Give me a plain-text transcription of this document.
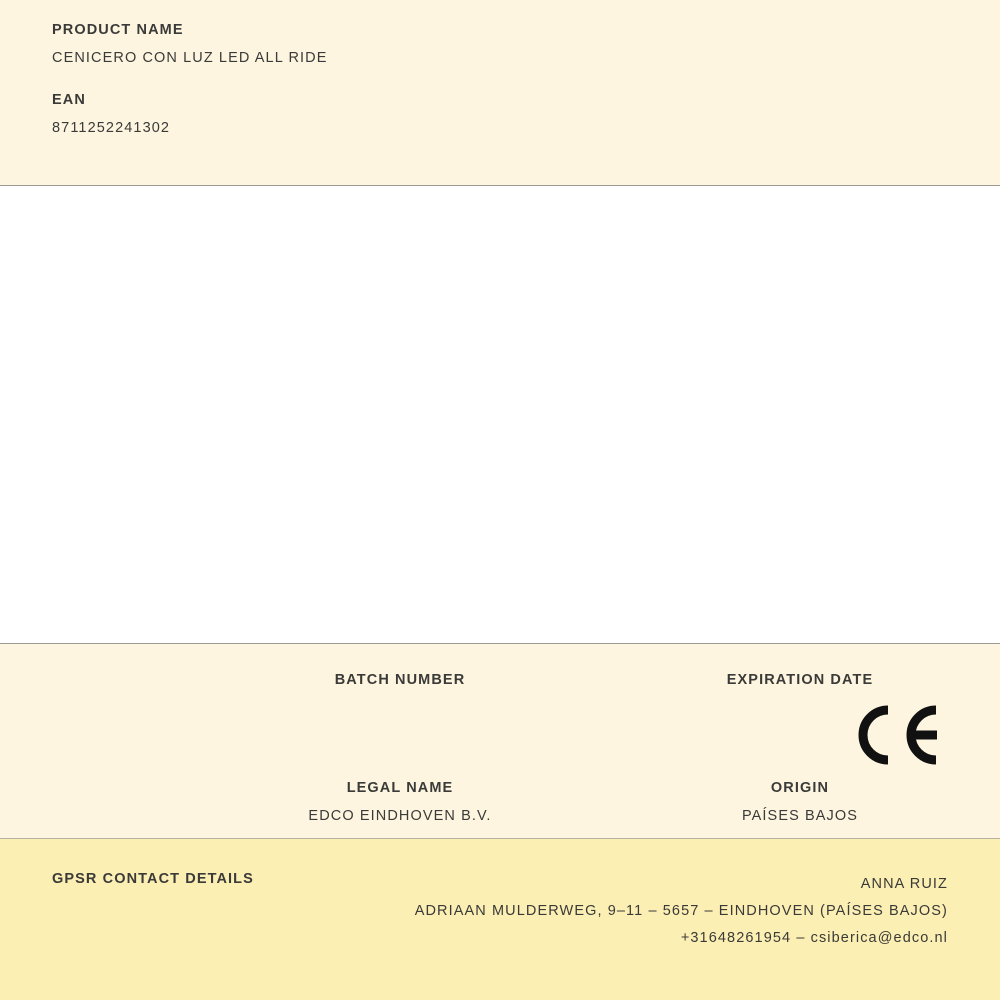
PRODUCT NAME
CENICERO CON LUZ LED ALL RIDE
EAN
8711252241302
BATCH NUMBER	EXPIRATION DATE
LEGAL NAME	ORIGIN
EDCO EINDHOVEN B.V.	PAÍSES BAJOS
GPSR CONTACT DETAILS	ANNA RUIZ
ADRIAAN MULDERWEG, 9–11 – 5657 – EINDHOVEN (PAÍSES BAJOS)
+31648261954 – csiberica@edco.nl
